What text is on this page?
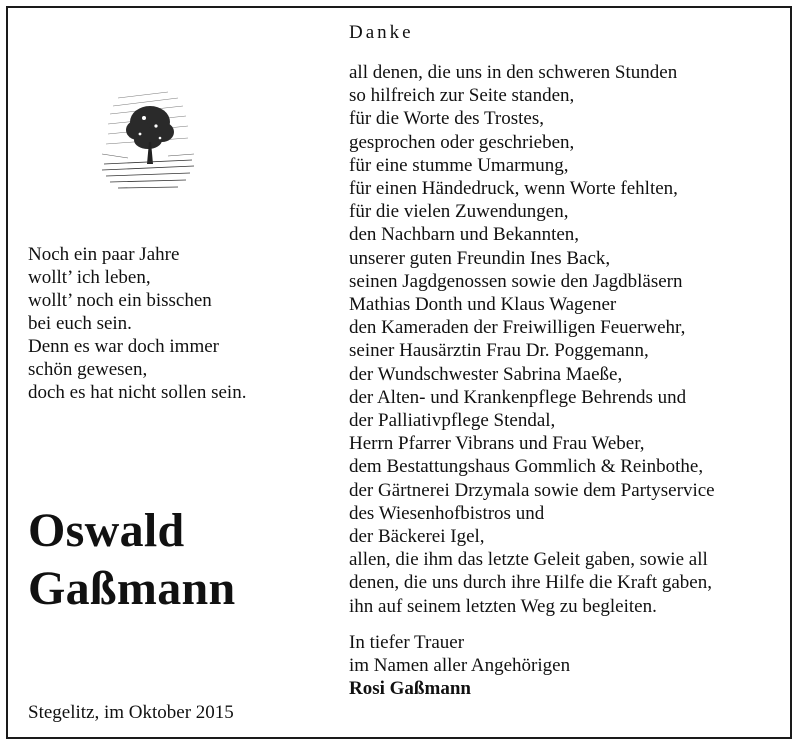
Noch ein paar Jahre
wollt’ ich leben,
wollt’ noch ein bisschen
bei euch sein.
Denn es war doch immer
schön gewesen,
doch es hat nicht sollen sein.
Oswald
Gaßmann
Stegelitz, im Oktober 2015
Danke
all denen, die uns in den schweren Stunden
so hilfreich zur Seite standen,
für die Worte des Trostes,
gesprochen oder geschrieben,
für eine stumme Umarmung,
für einen Händedruck, wenn Worte fehlten,
für die vielen Zuwendungen,
den Nachbarn und Bekannten,
unserer guten Freundin Ines Back,
seinen Jagdgenossen sowie den Jagdbläsern
Mathias Donth und Klaus Wagener
den Kameraden der Freiwilligen Feuerwehr,
seiner Hausärztin Frau Dr. Poggemann,
der Wundschwester Sabrina Maeße,
der Alten- und Krankenpflege Behrends und
der Palliativpflege Stendal,
Herrn Pfarrer Vibrans und Frau Weber,
dem Bestattungshaus Gommlich & Reinbothe,
der Gärtnerei Drzymala sowie dem Partyservice
des Wiesenhofbistros und
der Bäckerei Igel,
allen, die ihm das letzte Geleit gaben, sowie all
denen, die uns durch ihre Hilfe die Kraft gaben,
ihn auf seinem letzten Weg zu begleiten.
In tiefer Trauer
im Namen aller Angehörigen
Rosi Gaßmann
